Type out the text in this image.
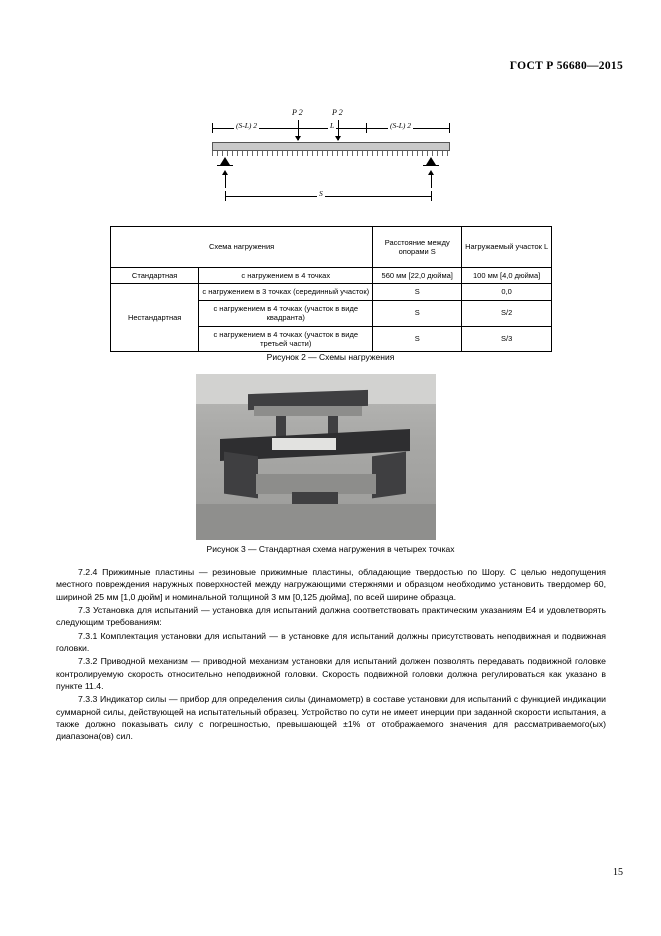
ГОСТ Р 56680—2015
P 2	P 2
(S-L) 2	L	(S-L) 2
S
Схема нагружения		Расстояние между опорами S	Нагружаемый участок L
Стандартная	с нагружением в 4 точках	560 мм [22,0 дюйма]	100 мм [4,0 дюйма]
Нестандартная	с нагружением в 3 точках (серединный участок)	S	0,0
	с нагружением в 4 точках (участок в виде квадранта)	S	S/2
	с нагружением в 4 точках (участок в виде третьей части)	S	S/3
Рисунок 2 — Схемы нагружения
Рисунок 3 — Стандартная схема нагружения в четырех точках

7.2.4 Прижимные пластины — резиновые прижимные пластины, обладающие твердостью по Шору. С целью недопущения местного повреждения наружных поверхностей между нагружающими стержнями и образцом необходимо установить твердомер 60, шириной 25 мм [1,0 дюйм] и номинальной толщиной 3 мм [0,125 дюйма], по всей ширине образца.

7.3 Установка для испытаний — установка для испытаний должна соответствовать практическим указаниям Е4 и удовлетворять следующим требованиям:

7.3.1 Комплектация установки для испытаний — в установке для испытаний должны присутствовать неподвижная и подвижная головки.

7.3.2 Приводной механизм — приводной механизм установки для испытаний должен позволять передавать подвижной головке контролируемую скорость относительно неподвижной головки. Скорость подвижной головки должна регулироваться как указано в пункте 11.4.

7.3.3 Индикатор силы — прибор для определения силы (динамометр) в составе установки для испытаний с функцией индикации суммарной силы, действующей на испытательный образец. Устройство по сути не имеет инерции при заданной скорости испытания, а также должно показывать силу с погрешностью, превышающей ±1% от отображаемого значения для рассматриваемого(ых) диапазона(ов) сил.

15
